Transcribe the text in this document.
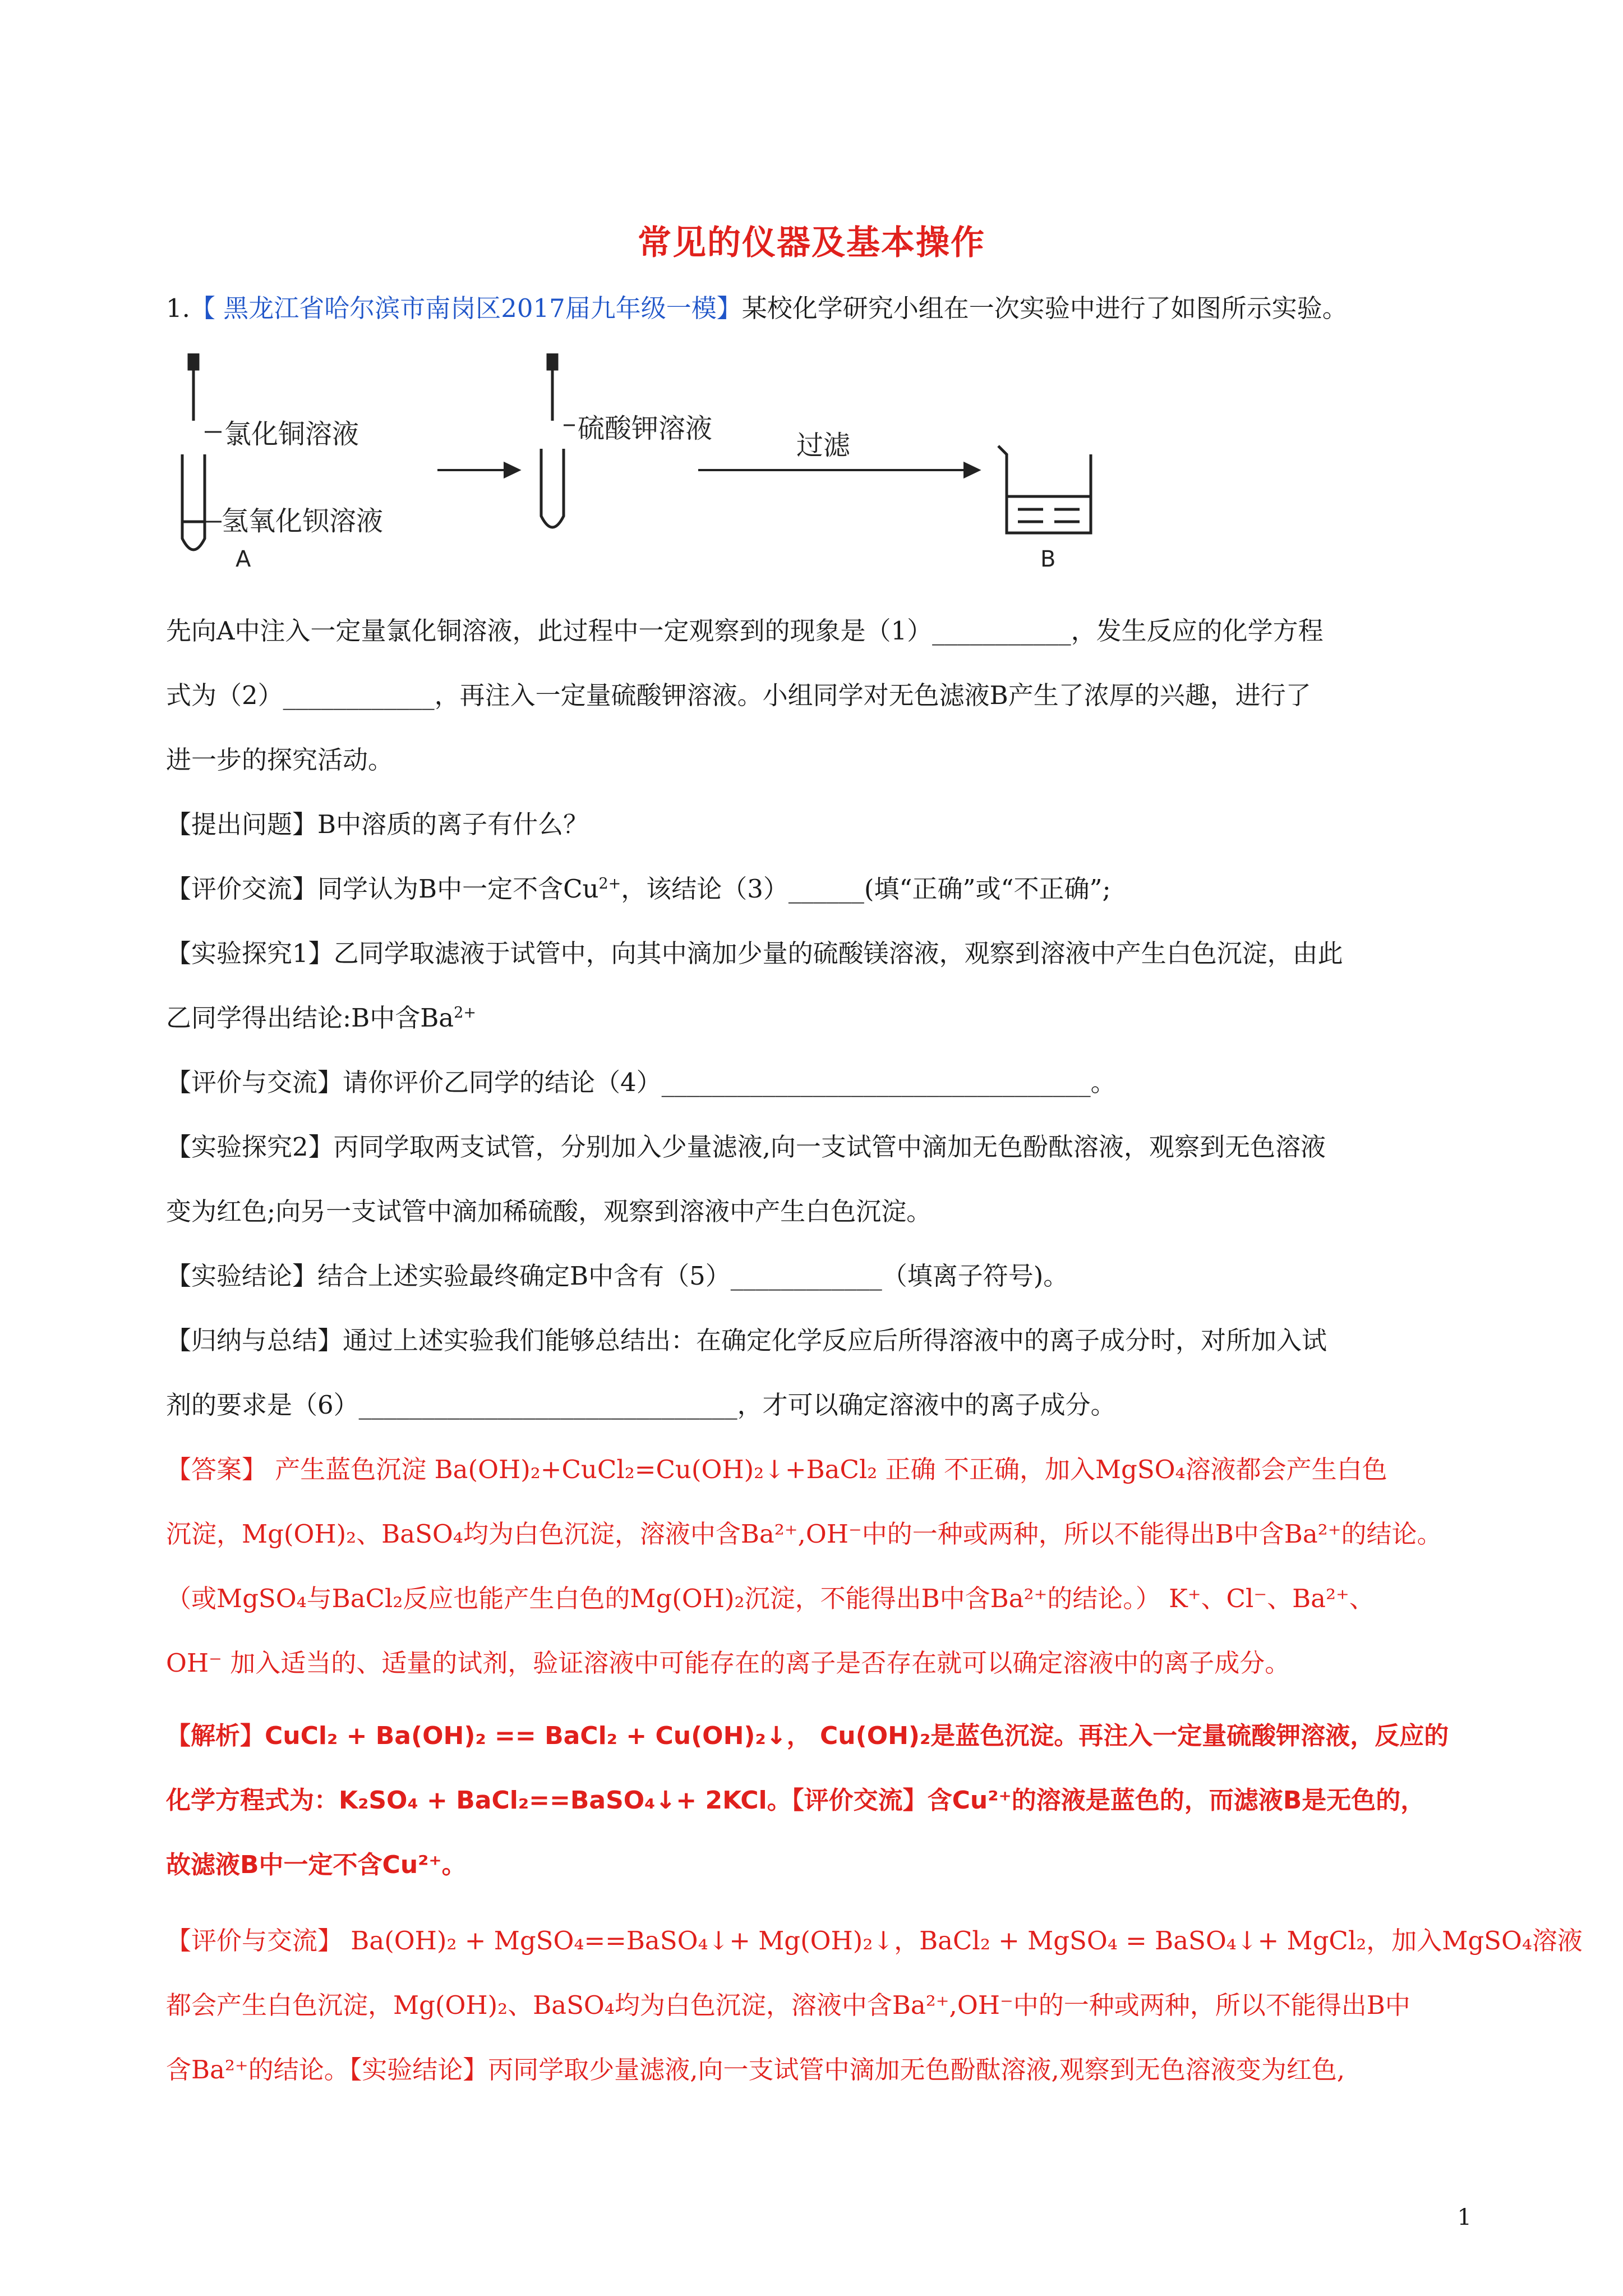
常见的仪器及基本操作
1.【 黑龙江省哈尔滨市南岗区2017届九年级一模】某校化学研究小组在一次实验中进行了如图所示实验。
氯化铜溶液
氢氧化钡溶液
A
硫酸钾溶液
过滤
B
先向A中注入一定量氯化铜溶液，此过程中一定观察到的现象是（1）___________，发生反应的化学方程
式为（2）____________，再注入一定量硫酸钾溶液。小组同学对无色滤液B产生了浓厚的兴趣，进行了
进一步的探究活动。
【提出问题】B中溶质的离子有什么？
【评价交流】同学认为B中一定不含$Cu^{2+}$，该结论（3）______(填“正确”或“不正确”;
【实验探究1】乙同学取滤液于试管中，向其中滴加少量的硫酸镁溶液，观察到溶液中产生白色沉淀，由此
乙同学得出结论:B中含$Ba^{2+}$
【评价与交流】请你评价乙同学的结论（4）__________________________________。
【实验探究2】丙同学取两支试管，分别加入少量滤液,向一支试管中滴加无色酚酞溶液，观察到无色溶液
变为红色;向另一支试管中滴加稀硫酸，观察到溶液中产生白色沉淀。
【实验结论】结合上述实验最终确定B中含有（5）____________（填离子符号)。
【归纳与总结】通过上述实验我们能够总结出：在确定化学反应后所得溶液中的离子成分时，对所加入试
剂的要求是（6）______________________________，才可以确定溶液中的离子成分。
【答案】 产生蓝色沉淀 Ba(OH)₂+CuCl₂=Cu(OH)₂↓+BaCl₂ 正确 不正确，加入MgSO₄溶液都会产生白色
沉淀，Mg(OH)₂、BaSO₄均为白色沉淀，溶液中含Ba²⁺,OH⁻中的一种或两种，所以不能得出B中含Ba²⁺的结论。
（或MgSO₄与BaCl₂反应也能产生白色的Mg(OH)₂沉淀，不能得出B中含Ba²⁺的结论。） K⁺、Cl⁻、Ba²⁺、
OH⁻ 加入适当的、适量的试剂，验证溶液中可能存在的离子是否存在就可以确定溶液中的离子成分。
【解析】CuCl₂ + Ba(OH)₂ == BaCl₂ + Cu(OH)₂↓， Cu(OH)₂是蓝色沉淀。再注入一定量硫酸钾溶液，反应的
化学方程式为：K₂SO₄ + BaCl₂==BaSO₄↓+ 2KCl。【评价交流】含Cu²⁺的溶液是蓝色的，而滤液B是无色的，
故滤液B中一定不含Cu²⁺。
【评价与交流】 Ba(OH)₂ + MgSO₄==BaSO₄↓+ Mg(OH)₂↓，BaCl₂ + MgSO₄ = BaSO₄↓+ MgCl₂，加入MgSO₄溶液
都会产生白色沉淀，Mg(OH)₂、BaSO₄均为白色沉淀，溶液中含Ba²⁺,OH⁻中的一种或两种，所以不能得出B中
含Ba²⁺的结论。【实验结论】丙同学取少量滤液,向一支试管中滴加无色酚酞溶液,观察到无色溶液变为红色,
1
